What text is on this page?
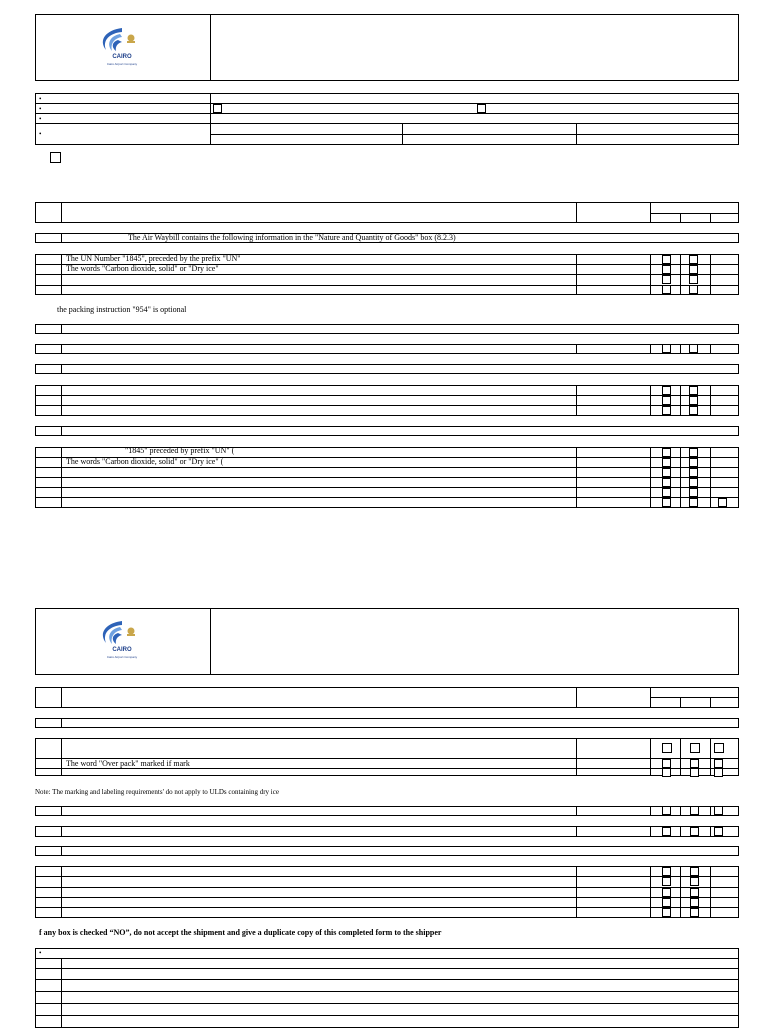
CAIRO
Cairo Airport Company
•
•
•
•
The Air Waybill contains the following information in the "Nature and Quantity of Goods" box (8.2.3)
The UN Number "1845", preceded by the prefix "UN"
The words "Carbon dioxide, solid" or "Dry ice"
the packing instruction "954" is optional
"1845" preceded by prefix "UN" (
The words "Carbon dioxide, solid" or "Dry ice" (
CAIRO
Cairo Airport Company
The word "Over pack" marked if mark
Note: The marking and labeling requirements' do not apply to ULDs containing dry ice
f any box is checked “NO”, do not accept the shipment and give a duplicate copy of this completed form to the shipper
•
